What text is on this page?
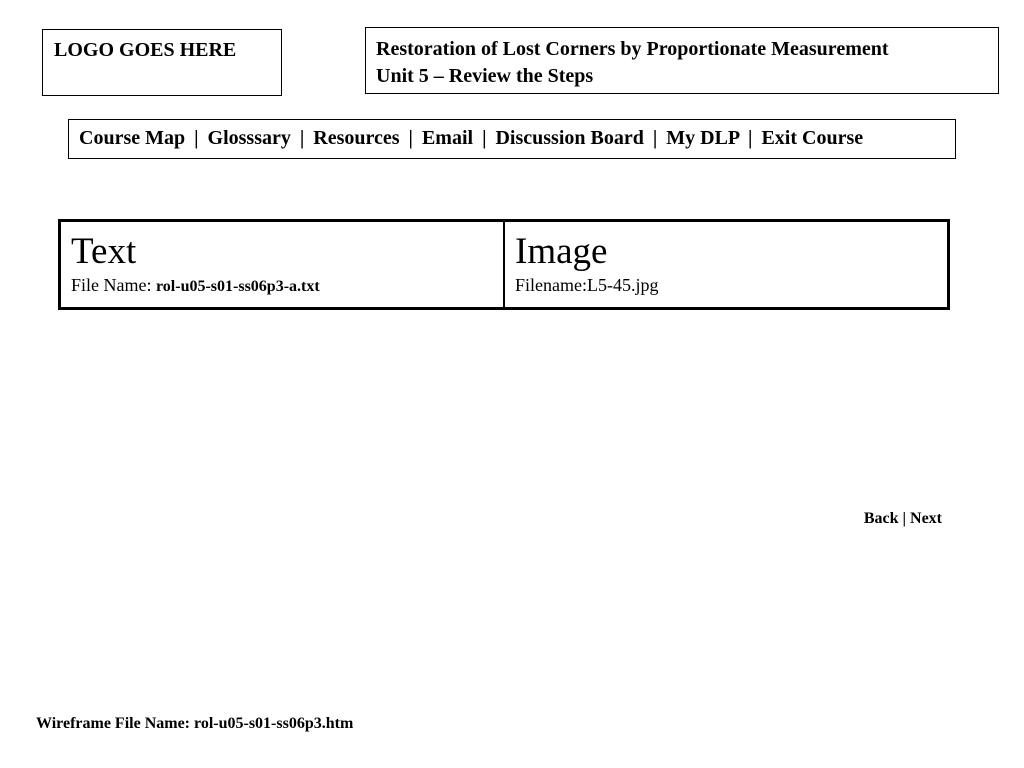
LOGO GOES HERE	Restoration of Lost Corners by Proportionate Measurement
Unit 5 – Review the Steps
Course Map | Glosssary | Resources | Email | Discussion Board | My DLP | Exit Course
Text
File Name: rol-u05-s01-ss06p3-a.txt
Image
Filename:L5-45.jpg
Back | Next
Wireframe File Name: rol-u05-s01-ss06p3.htm
